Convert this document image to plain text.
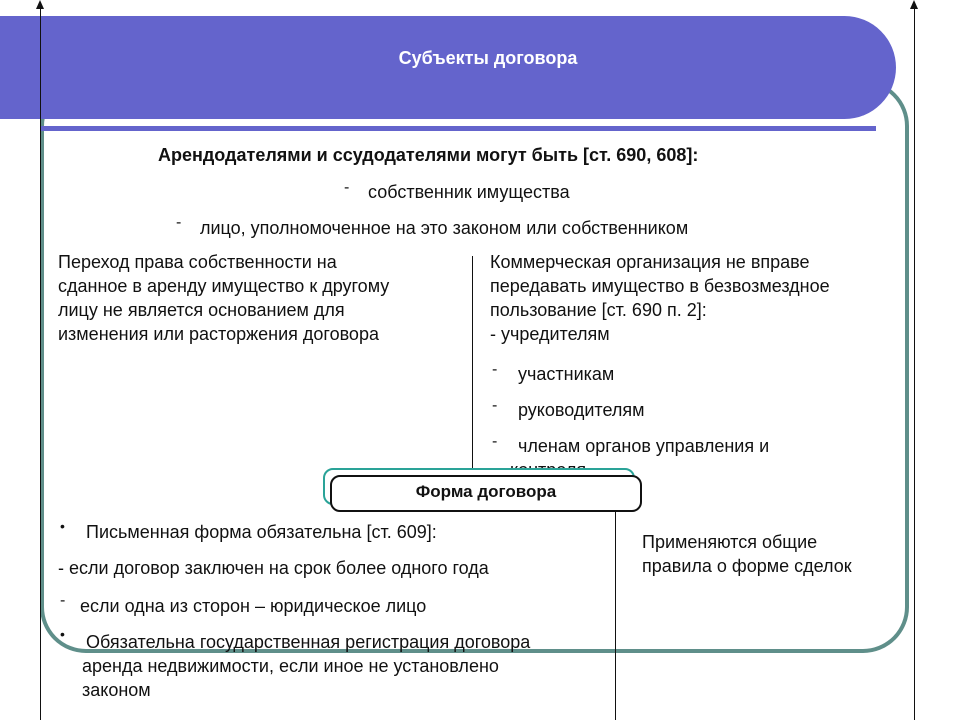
Субъекты договора
Арендодателями и ссудодателями могут быть [ст. 690, 608]:
- собственник имущества
- лицо, уполномоченное на это законом или собственником
Переход права собственности на
сданное в аренду имущество к другому
лицу не является основанием для
изменения или расторжения договора
Коммерческая организация не вправе
передавать имущество в безвозмездное
пользование [ст. 690 п. 2]:
- учредителям
- участникам
- руководителям
- членам органов управления и
Форма договора
• Письменная форма обязательна [ст. 609]:
- если договор заключен на срок более одного года
- если одна из сторон – юридическое лицо
• Обязательна государственная регистрация договора
аренда недвижимости, если иное не установлено
законом
Применяются общие
правила о форме сделок
